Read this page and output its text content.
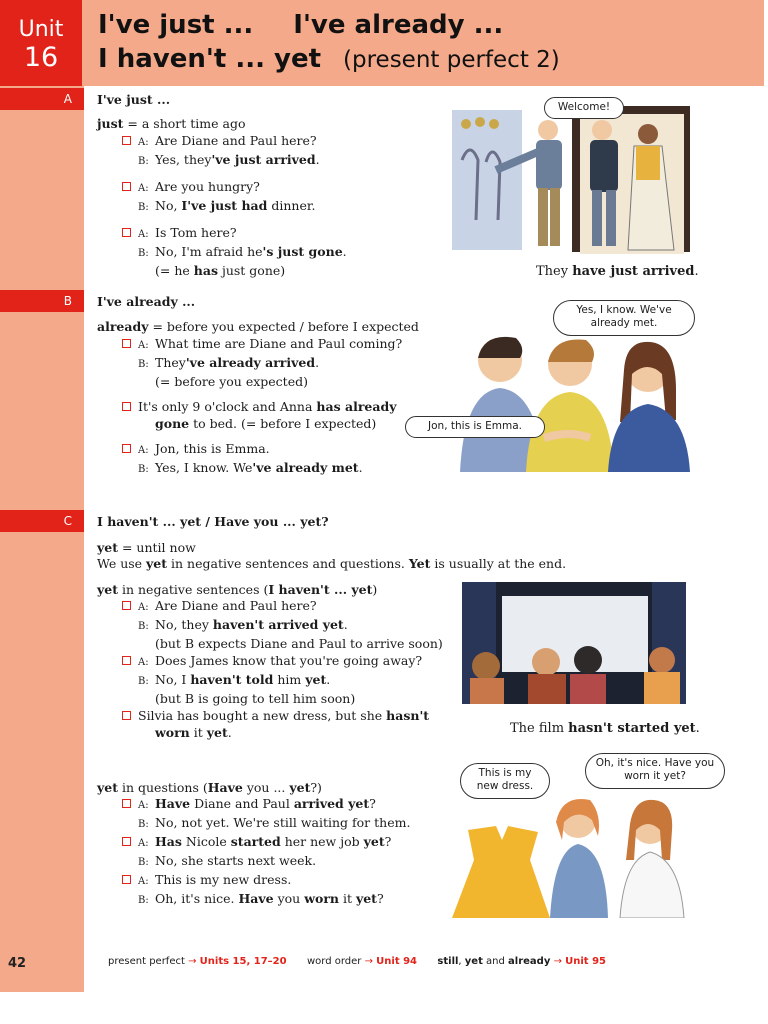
Unit
16
I've just ... I've already ...
I haven't ... yet (present perfect 2)
A	I've just ...
just = a short time ago
A: Are Diane and Paul here?
B: Yes, they've just arrived.
A: Are you hungry?
B: No, I've just had dinner.
A: Is Tom here?
B: No, I'm afraid he's just gone.
(= he has just gone)
Welcome!
They have just arrived.
B	I've already ...
already = before you expected / before I expected
A: What time are Diane and Paul coming?
B: They've already arrived.
(= before you expected)
It's only 9 o'clock and Anna has already
gone to bed. (= before I expected)
A: Jon, this is Emma.
B: Yes, I know. We've already met.
Yes, I know. We've already met.
Jon, this is Emma.
C	I haven't ... yet / Have you ... yet?
yet = until now
We use yet in negative sentences and questions. Yet is usually at the end.
yet in negative sentences (I haven't ... yet)
A: Are Diane and Paul here?
B: No, they haven't arrived yet.
(but B expects Diane and Paul to arrive soon)
A: Does James know that you're going away?
B: No, I haven't told him yet.
(but B is going to tell him soon)
Silvia has bought a new dress, but she hasn't
worn it yet.	The film hasn't started yet.
yet in questions (Have you ... yet?)
A: Have Diane and Paul arrived yet?
B: No, not yet. We're still waiting for them.
A: Has Nicole started her new job yet?
B: No, she starts next week.
A: This is my new dress.
B: Oh, it's nice. Have you worn it yet?
This is my new dress.
Oh, it's nice. Have you worn it yet?
42	present perfect → Units 15, 17–20 word order → Unit 94 still, yet and already → Unit 95
